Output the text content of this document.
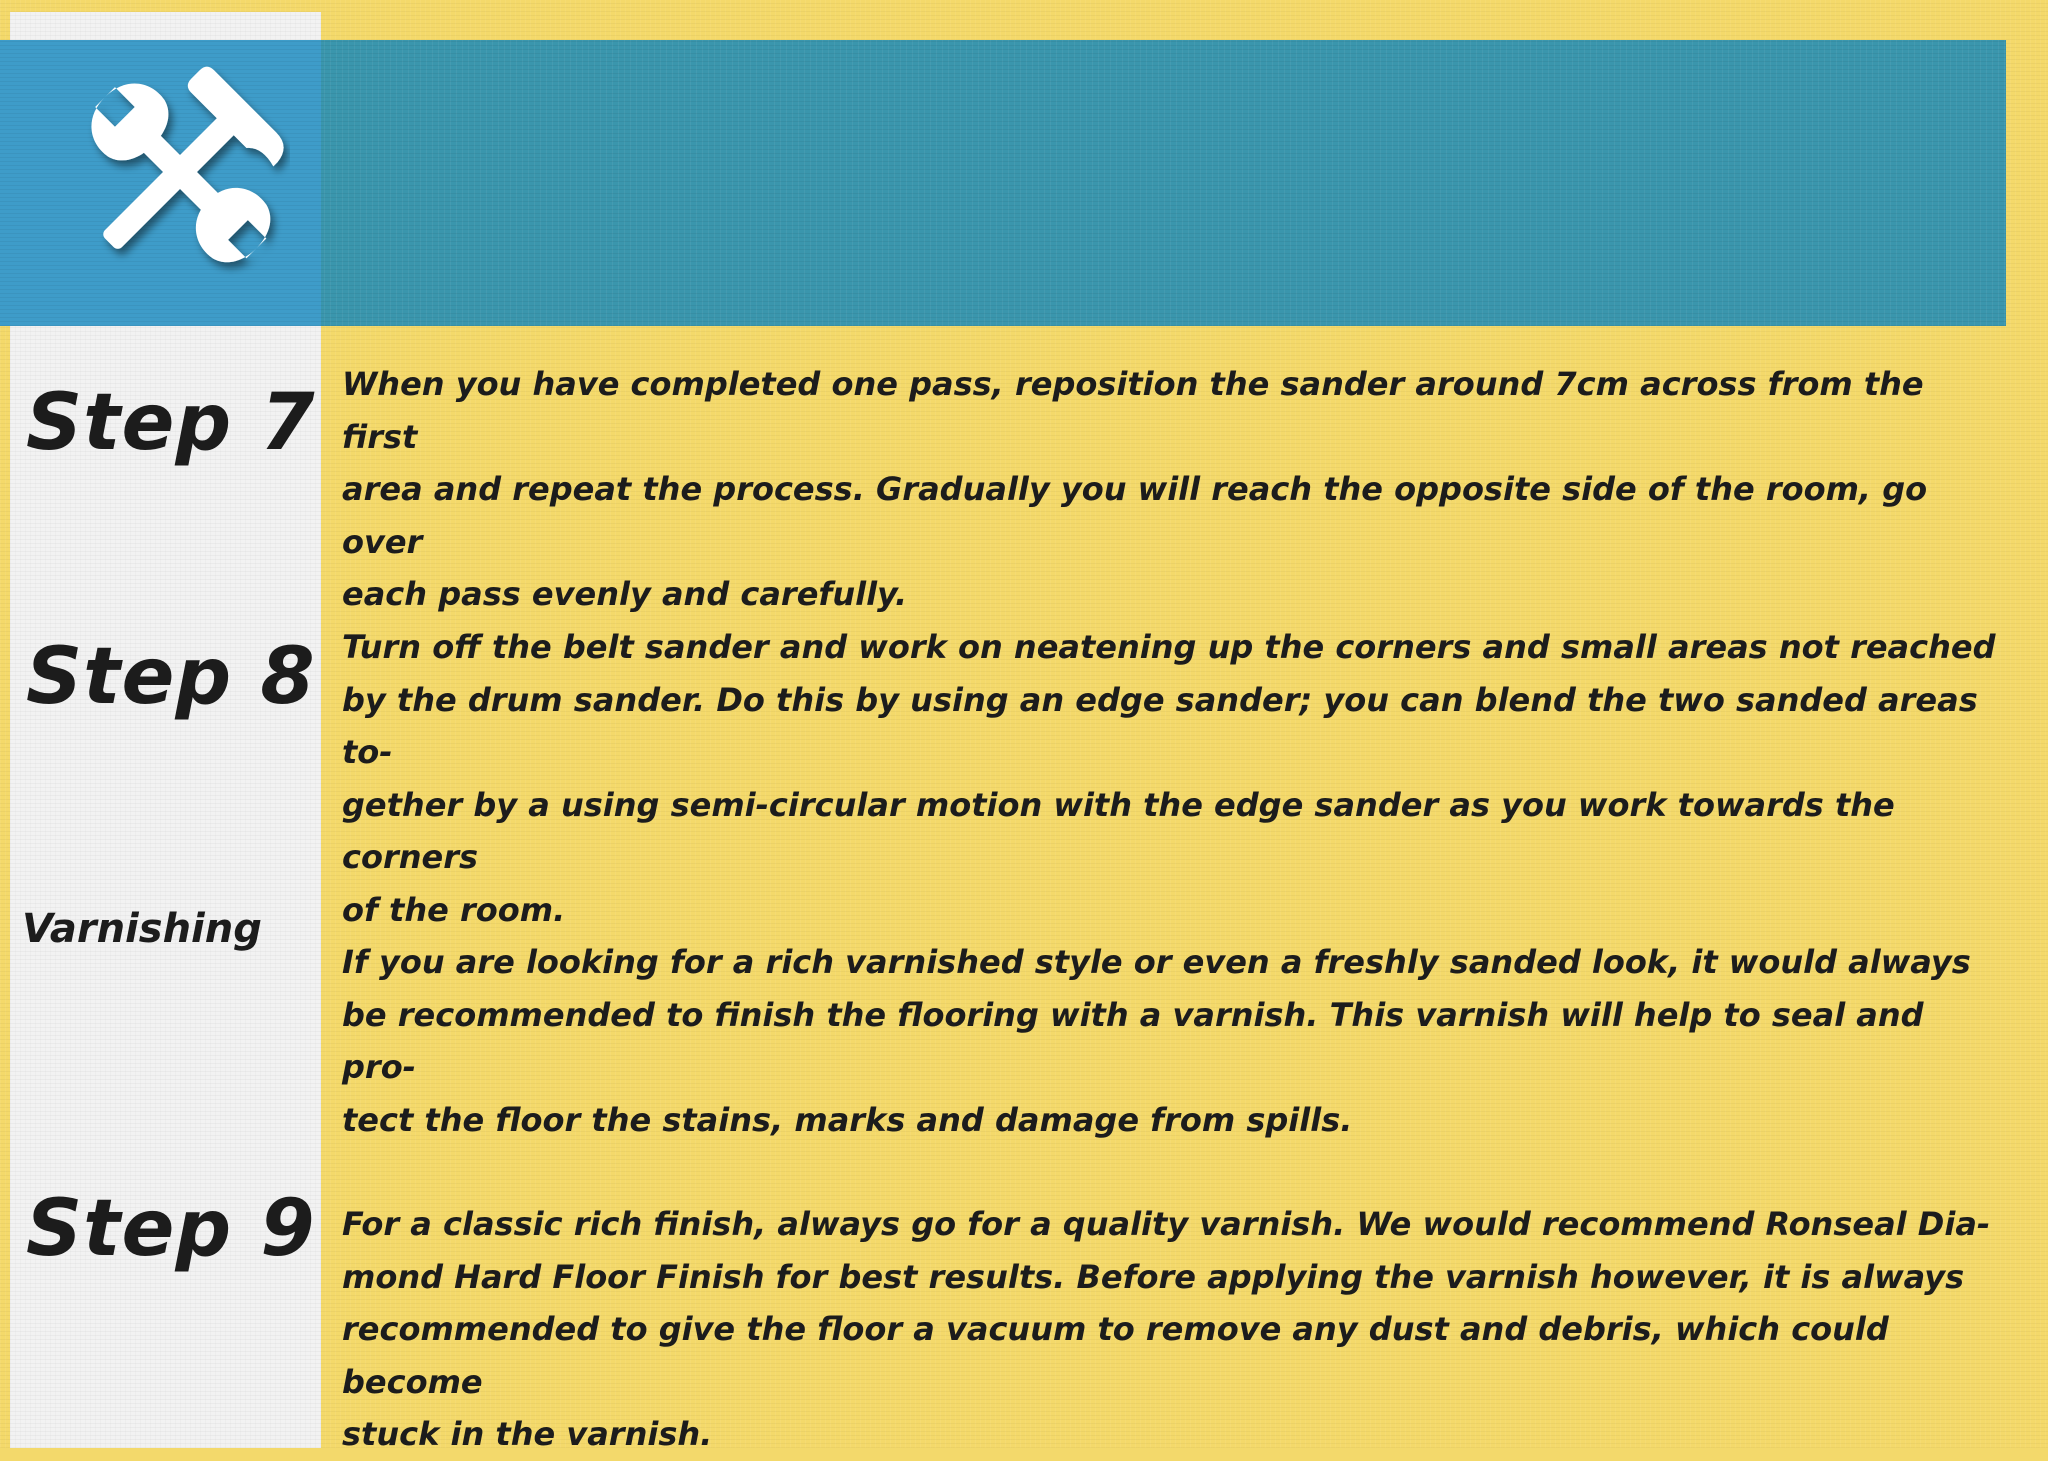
Step 7 When you have completed one pass, reposition the sander around 7cm across from the first
area and repeat the process. Gradually you will reach the opposite side of the room, go over
each pass evenly and carefully.

Step 8 Turn off the belt sander and work on neatening up the corners and small areas not reached
by the drum sander. Do this by using an edge sander; you can blend the two sanded areas to-
gether by a using semi-circular motion with the edge sander as you work towards the corners
of the room.

Varnishing

If you are looking for a rich varnished style or even a freshly sanded look, it would always
be recommended to finish the flooring with a varnish. This varnish will help to seal and pro-
tect the floor the stains, marks and damage from spills.

Step 9 For a classic rich finish, always go for a quality varnish. We would recommend Ronseal Dia-
mond Hard Floor Finish for best results. Before applying the varnish however, it is always
recommended to give the floor a vacuum to remove any dust and debris, which could become
stuck in the varnish.
